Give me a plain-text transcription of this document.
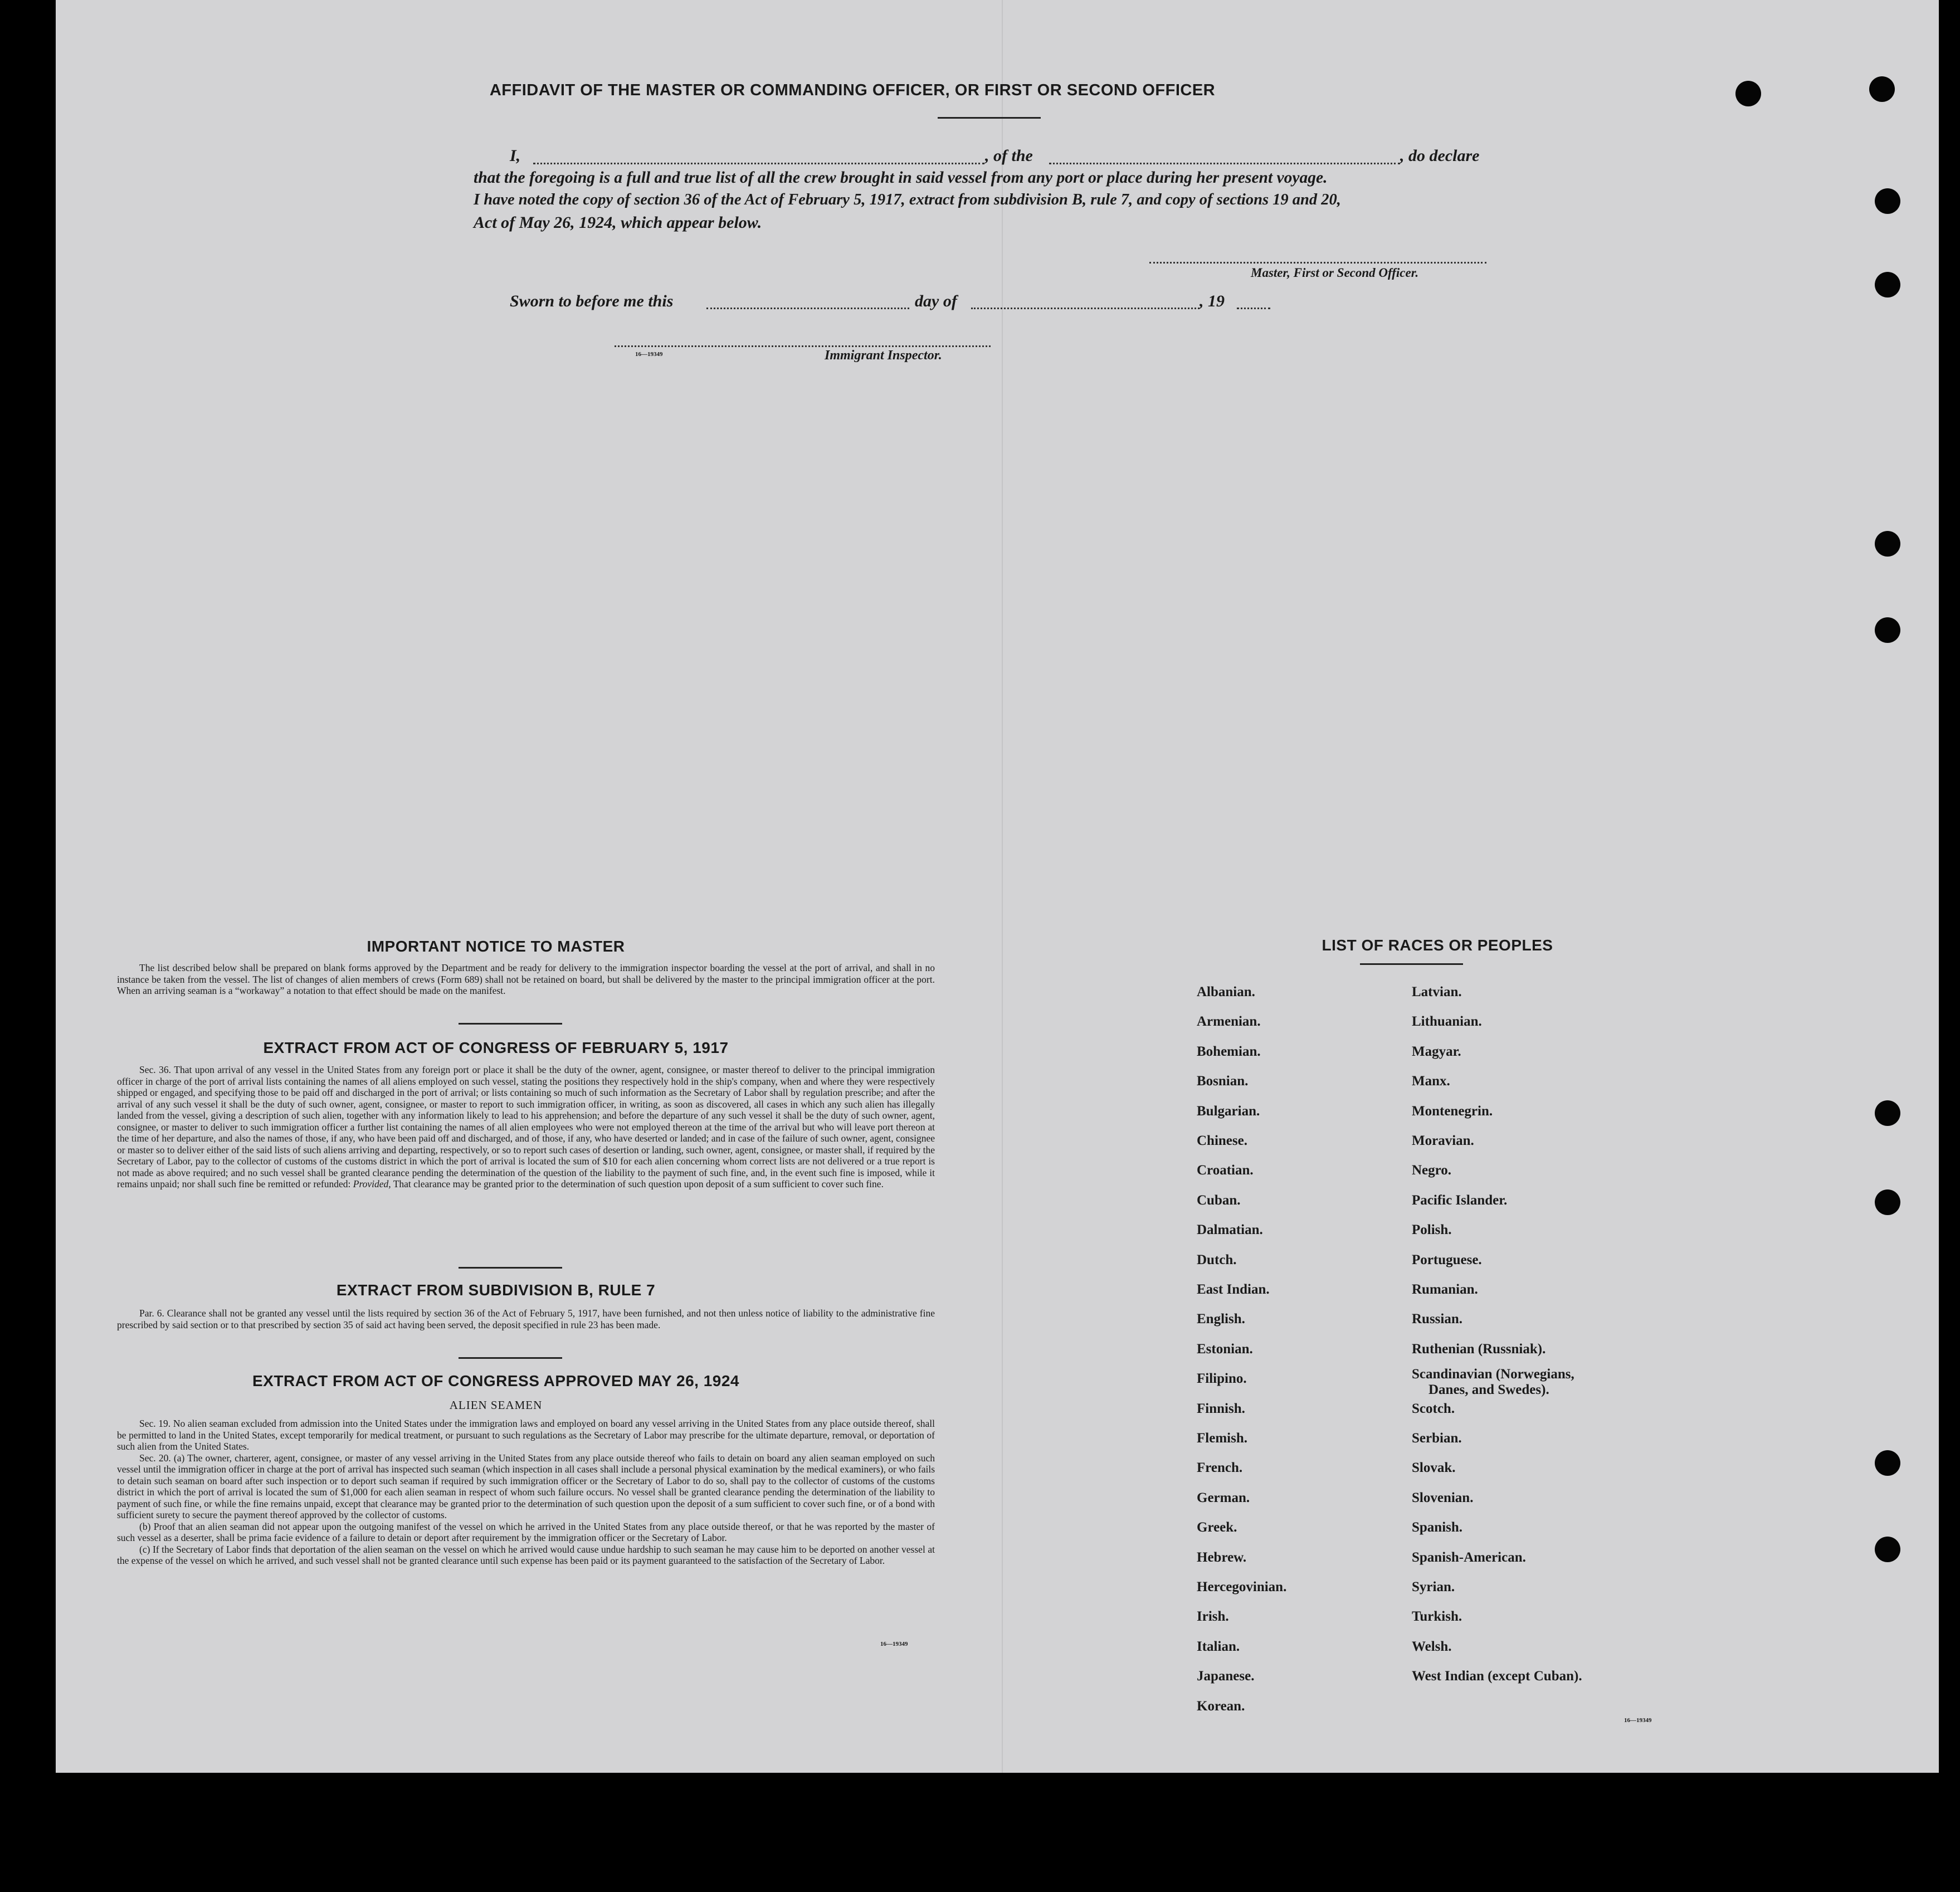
AFFIDAVIT OF THE MASTER OR COMMANDING OFFICER, OR FIRST OR SECOND OFFICER
I,	, of the	, do declare
that the foregoing is a full and true list of all the crew brought in said vessel from any port or place during her present voyage.
I have noted the copy of section 36 of the Act of February 5, 1917, extract from subdivision B, rule 7, and copy of sections 19 and 20,
Act of May 26, 1924, which appear below.
Master, First or Second Officer.
Sworn to before me this	day of	, 19
16—19349	Immigrant Inspector.
IMPORTANT NOTICE TO MASTER
The list described below shall be prepared on blank forms approved by the Department and be ready for delivery to the immigration inspector boarding the vessel at the port of arrival, and shall in no instance be taken from the vessel. The list of changes of alien members of crews (Form 689) shall not be retained on board, but shall be delivered by the master to the principal immigration officer at the port. When an arriving seaman is a “workaway” a notation to that effect should be made on the manifest.
EXTRACT FROM ACT OF CONGRESS OF FEBRUARY 5, 1917
Sec. 36. That upon arrival of any vessel in the United States from any foreign port or place it shall be the duty of the owner, agent, consignee, or master thereof to deliver to the principal immigration officer in charge of the port of arrival lists containing the names of all aliens employed on such vessel, stating the positions they respectively hold in the ship's company, when and where they were respectively shipped or engaged, and specifying those to be paid off and discharged in the port of arrival; or lists containing so much of such information as the Secretary of Labor shall by regulation prescribe; and after the arrival of any such vessel it shall be the duty of such owner, agent, consignee, or master to report to such immigration officer, in writing, as soon as discovered, all cases in which any such alien has illegally landed from the vessel, giving a description of such alien, together with any information likely to lead to his apprehension; and before the departure of any such vessel it shall be the duty of such owner, agent, consignee, or master to deliver to such immigration officer a further list containing the names of all alien employees who were not employed thereon at the time of the arrival but who will leave port thereon at the time of her departure, and also the names of those, if any, who have been paid off and discharged, and of those, if any, who have deserted or landed; and in case of the failure of such owner, agent, consignee or master so to deliver either of the said lists of such aliens arriving and departing, respectively, or so to report such cases of desertion or landing, such owner, agent, consignee, or master shall, if required by the Secretary of Labor, pay to the collector of customs of the customs district in which the port of arrival is located the sum of $10 for each alien concerning whom correct lists are not delivered or a true report is not made as above required; and no such vessel shall be granted clearance pending the determination of the question of the liability to the payment of such fine, and, in the event such fine is imposed, while it remains unpaid; nor shall such fine be remitted or refunded: Provided, That clearance may be granted prior to the determination of such question upon deposit of a sum sufficient to cover such fine.
EXTRACT FROM SUBDIVISION B, RULE 7
Par. 6. Clearance shall not be granted any vessel until the lists required by section 36 of the Act of February 5, 1917, have been furnished, and not then unless notice of liability to the administrative fine prescribed by said section or to that prescribed by section 35 of said act having been served, the deposit specified in rule 23 has been made.
EXTRACT FROM ACT OF CONGRESS APPROVED MAY 26, 1924
ALIEN SEAMEN
Sec. 19. No alien seaman excluded from admission into the United States under the immigration laws and employed on board any vessel arriving in the United States from any place outside thereof, shall be permitted to land in the United States, except temporarily for medical treatment, or pursuant to such regulations as the Secretary of Labor may prescribe for the ultimate departure, removal, or deportation of such alien from the United States.
Sec. 20. (a) The owner, charterer, agent, consignee, or master of any vessel arriving in the United States from any place outside thereof who fails to detain on board any alien seaman employed on such vessel until the immigration officer in charge at the port of arrival has inspected such seaman (which inspection in all cases shall include a personal physical examination by the medical examiners), or who fails to detain such seaman on board after such inspection or to deport such seaman if required by such immigration officer or the Secretary of Labor to do so, shall pay to the collector of customs of the customs district in which the port of arrival is located the sum of $1,000 for each alien seaman in respect of whom such failure occurs. No vessel shall be granted clearance pending the determination of the liability to payment of such fine, or while the fine remains unpaid, except that clearance may be granted prior to the determination of such question upon the deposit of a sum sufficient to cover such fine, or of a bond with sufficient surety to secure the payment thereof approved by the collector of customs.
(b) Proof that an alien seaman did not appear upon the outgoing manifest of the vessel on which he arrived in the United States from any place outside thereof, or that he was reported by the master of such vessel as a deserter, shall be prima facie evidence of a failure to detain or deport after requirement by the immigration officer or the Secretary of Labor.
(c) If the Secretary of Labor finds that deportation of the alien seaman on the vessel on which he arrived would cause undue hardship to such seaman he may cause him to be deported on another vessel at the expense of the vessel on which he arrived, and such vessel shall not be granted clearance until such expense has been paid or its payment guaranteed to the satisfaction of the Secretary of Labor.
16—19349
LIST OF RACES OR PEOPLES
16—19349
Albanian.
Armenian.
Bohemian.
Bosnian.
Bulgarian.
Chinese.
Croatian.
Cuban.
Dalmatian.
Dutch.
East Indian.
English.
Estonian.
Filipino.
Finnish.
Flemish.
French.
German.
Greek.
Hebrew.
Hercegovinian.
Irish.
Italian.
Japanese.
Korean.
Latvian.
Lithuanian.
Magyar.
Manx.
Montenegrin.
Moravian.
Negro.
Pacific Islander.
Polish.
Portuguese.
Rumanian.
Russian.
Ruthenian (Russniak).
Scandinavian (Norwegians,
Danes, and Swedes).
Scotch.
Serbian.
Slovak.
Slovenian.
Spanish.
Spanish-American.
Syrian.
Turkish.
Welsh.
West Indian (except Cuban).
